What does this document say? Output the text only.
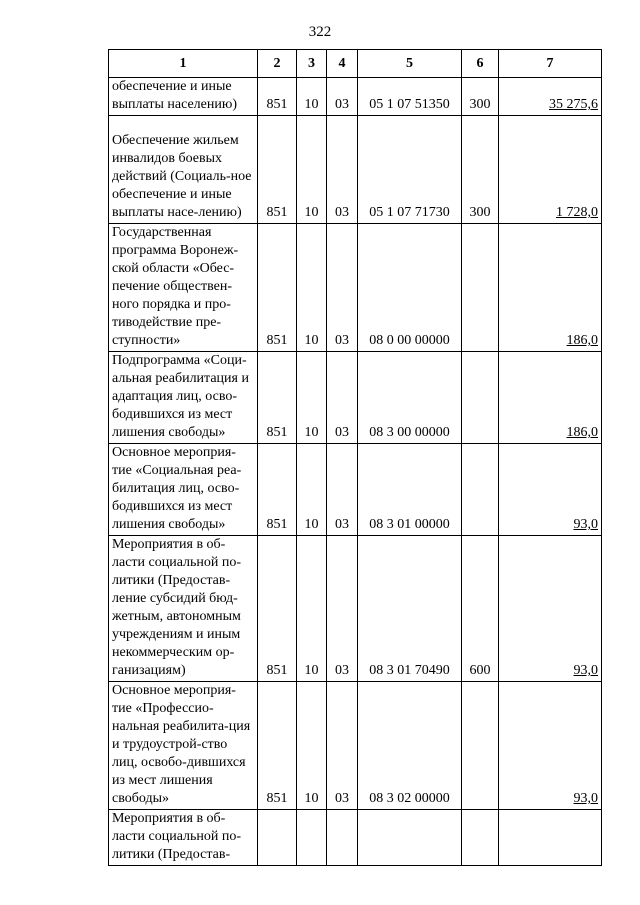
322
1	2	3	4	5	6	7
обеспечение и иные выплаты населению)	851	10	03	05 1 07 51350	300	35 275,6
Обеспечение жильем инвалидов боевых действий (Социаль-ное обеспечение и иные выплаты насе-лению)	851	10	03	05 1 07 71730	300	1 728,0
Государственная программа Воронеж-ской области «Обес-печение обществен-ного порядка и про-тиводействие пре-ступности»	851	10	03	08 0 00 00000		186,0
Подпрограмма «Соци-альная реабилитация и адаптация лиц, осво-бодившихся из мест лишения свободы»	851	10	03	08 3 00 00000		186,0
Основное мероприя-тие «Социальная реа-билитация лиц, осво-бодившихся из мест лишения свободы»	851	10	03	08 3 01 00000		93,0
Мероприятия в об-ласти социальной по-литики (Предостав-ление субсидий бюд-жетным, автономным учреждениям и иным некоммерческим ор-ганизациям)	851	10	03	08 3 01 70490	600	93,0
Основное мероприя-тие «Профессио-нальная реабилита-ция и трудоустрой-ство лиц, освобо-дившихся из мест лишения свободы»	851	10	03	08 3 02 00000		93,0
Мероприятия в об-ласти социальной по-литики (Предостав-						
